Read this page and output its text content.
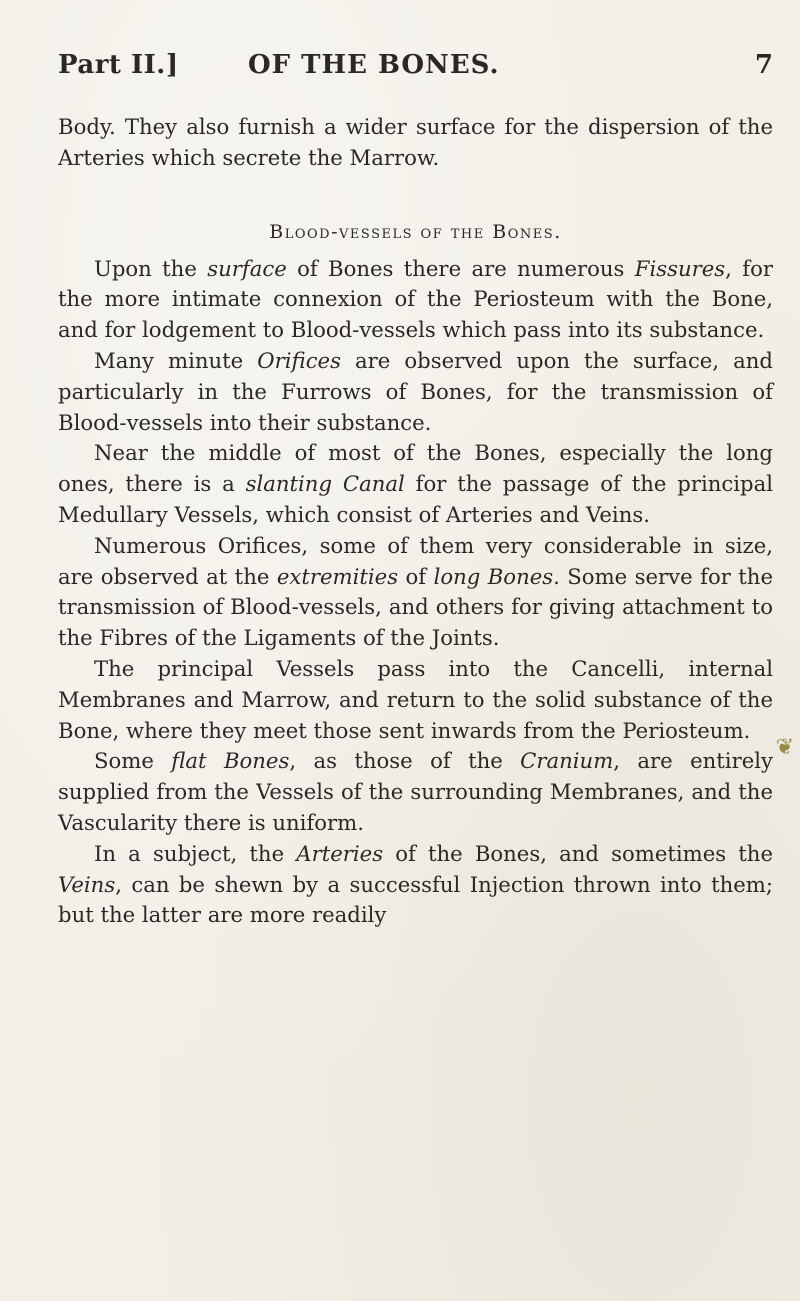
Part II.]	OF THE BONES.	7

Body. They also furnish a wider surface for the dispersion of the Arteries which secrete the Marrow.

Blood-vessels of the Bones.

Upon the surface of Bones there are numerous Fissures, for the more intimate connexion of the Periosteum with the Bone, and for lodgement to Blood-vessels which pass into its substance.

Many minute Orifices are observed upon the surface, and particularly in the Furrows of Bones, for the transmission of Blood-vessels into their substance.

Near the middle of most of the Bones, especially the long ones, there is a slanting Canal for the passage of the principal Medullary Vessels, which consist of Arteries and Veins.

Numerous Orifices, some of them very considerable in size, are observed at the extremities of long Bones. Some serve for the transmission of Blood-vessels, and others for giving attachment to the Fibres of the Ligaments of the Joints.

The principal Vessels pass into the Cancelli, internal Membranes and Marrow, and return to the solid substance of the Bone, where they meet those sent inwards from the Periosteum.

Some flat Bones, as those of the Cranium, are entirely supplied from the Vessels of the surrounding Membranes, and the Vascularity there is uniform.

In a subject, the Arteries of the Bones, and sometimes the Veins, can be shewn by a successful Injection thrown into them; but the latter are more readily

❦
